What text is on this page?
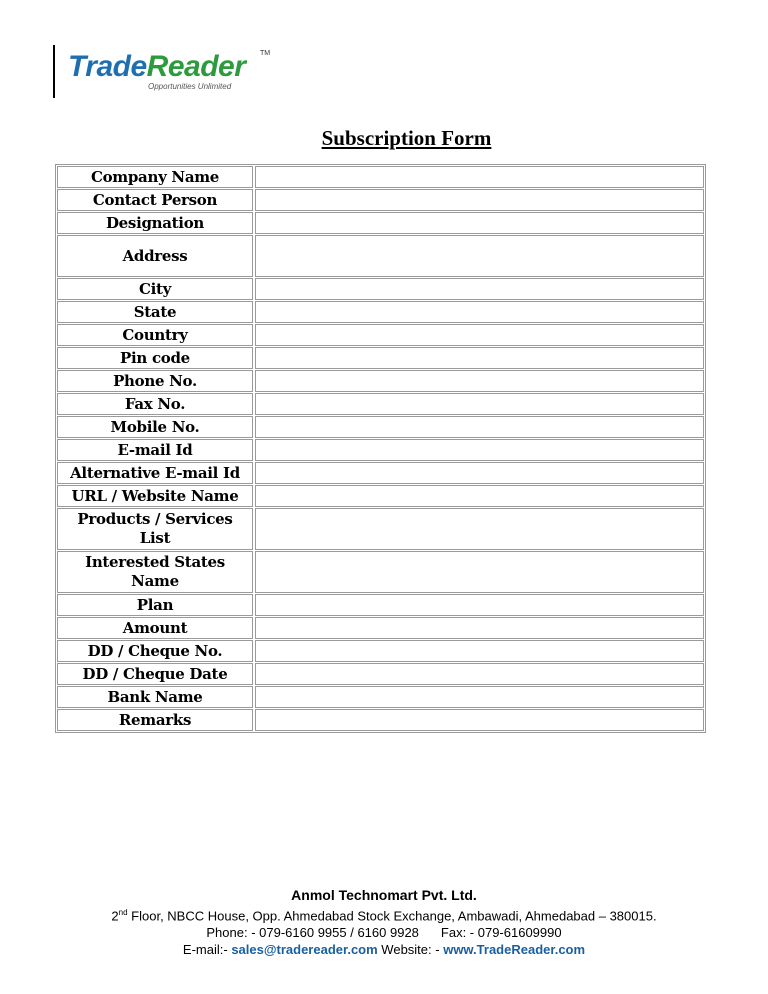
TradeReader TM
Opportunities Unlimited
Subscription Form
Company Name
Contact Person
Designation
Address
City
State
Country
Pin code
Phone No.
Fax No.
Mobile No.
E-mail Id
Alternative E-mail Id
URL / Website Name
Products / Services List
Interested States Name
Plan
Amount
DD / Cheque No.
DD / Cheque Date
Bank Name
Remarks
Anmol Technomart Pvt. Ltd.
2nd Floor, NBCC House, Opp. Ahmedabad Stock Exchange, Ambawadi, Ahmedabad – 380015.
Phone: - 079-6160 9955 / 6160 9928 Fax: - 079-61609990
E-mail:- sales@tradereader.com Website: - www.TradeReader.com
